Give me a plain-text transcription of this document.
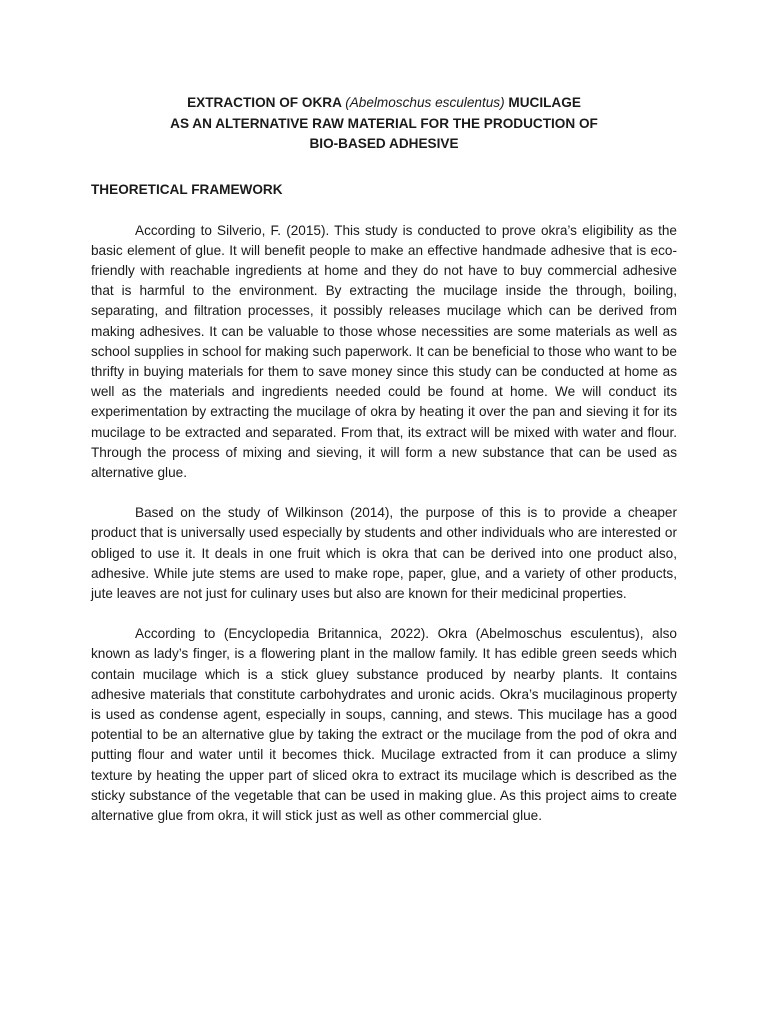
EXTRACTION OF OKRA (Abelmoschus esculentus) MUCILAGE

AS AN ALTERNATIVE RAW MATERIAL FOR THE PRODUCTION OF

BIO-BASED ADHESIVE

THEORETICAL FRAMEWORK

According to Silverio, F. (2015). This study is conducted to prove okra’s eligibility as the basic element of glue. It will benefit people to make an effective handmade adhesive that is eco-friendly with reachable ingredients at home and they do not have to buy commercial adhesive that is harmful to the environment. By extracting the mucilage inside the through, boiling, separating, and filtration processes, it possibly releases mucilage which can be derived from making adhesives. It can be valuable to those whose necessities are some materials as well as school supplies in school for making such paperwork. It can be beneficial to those who want to be thrifty in buying materials for them to save money since this study can be conducted at home as well as the materials and ingredients needed could be found at home. We will conduct its experimentation by extracting the mucilage of okra by heating it over the pan and sieving it for its mucilage to be extracted and separated. From that, its extract will be mixed with water and flour. Through the process of mixing and sieving, it will form a new substance that can be used as alternative glue.

Based on the study of Wilkinson (2014), the purpose of this is to provide a cheaper product that is universally used especially by students and other individuals who are interested or obliged to use it. It deals in one fruit which is okra that can be derived into one product also, adhesive. While jute stems are used to make rope, paper, glue, and a variety of other products, jute leaves are not just for culinary uses but also are known for their medicinal properties.

According to (Encyclopedia Britannica, 2022). Okra (Abelmoschus esculentus), also known as lady’s finger, is a flowering plant in the mallow family. It has edible green seeds which contain mucilage which is a stick gluey substance produced by nearby plants. It contains adhesive materials that constitute carbohydrates and uronic acids. Okra’s mucilaginous property is used as condense agent, especially in soups, canning, and stews. This mucilage has a good potential to be an alternative glue by taking the extract or the mucilage from the pod of okra and putting flour and water until it becomes thick. Mucilage extracted from it can produce a slimy texture by heating the upper part of sliced okra to extract its mucilage which is described as the sticky substance of the vegetable that can be used in making glue. As this project aims to create alternative glue from okra, it will stick just as well as other commercial glue.
